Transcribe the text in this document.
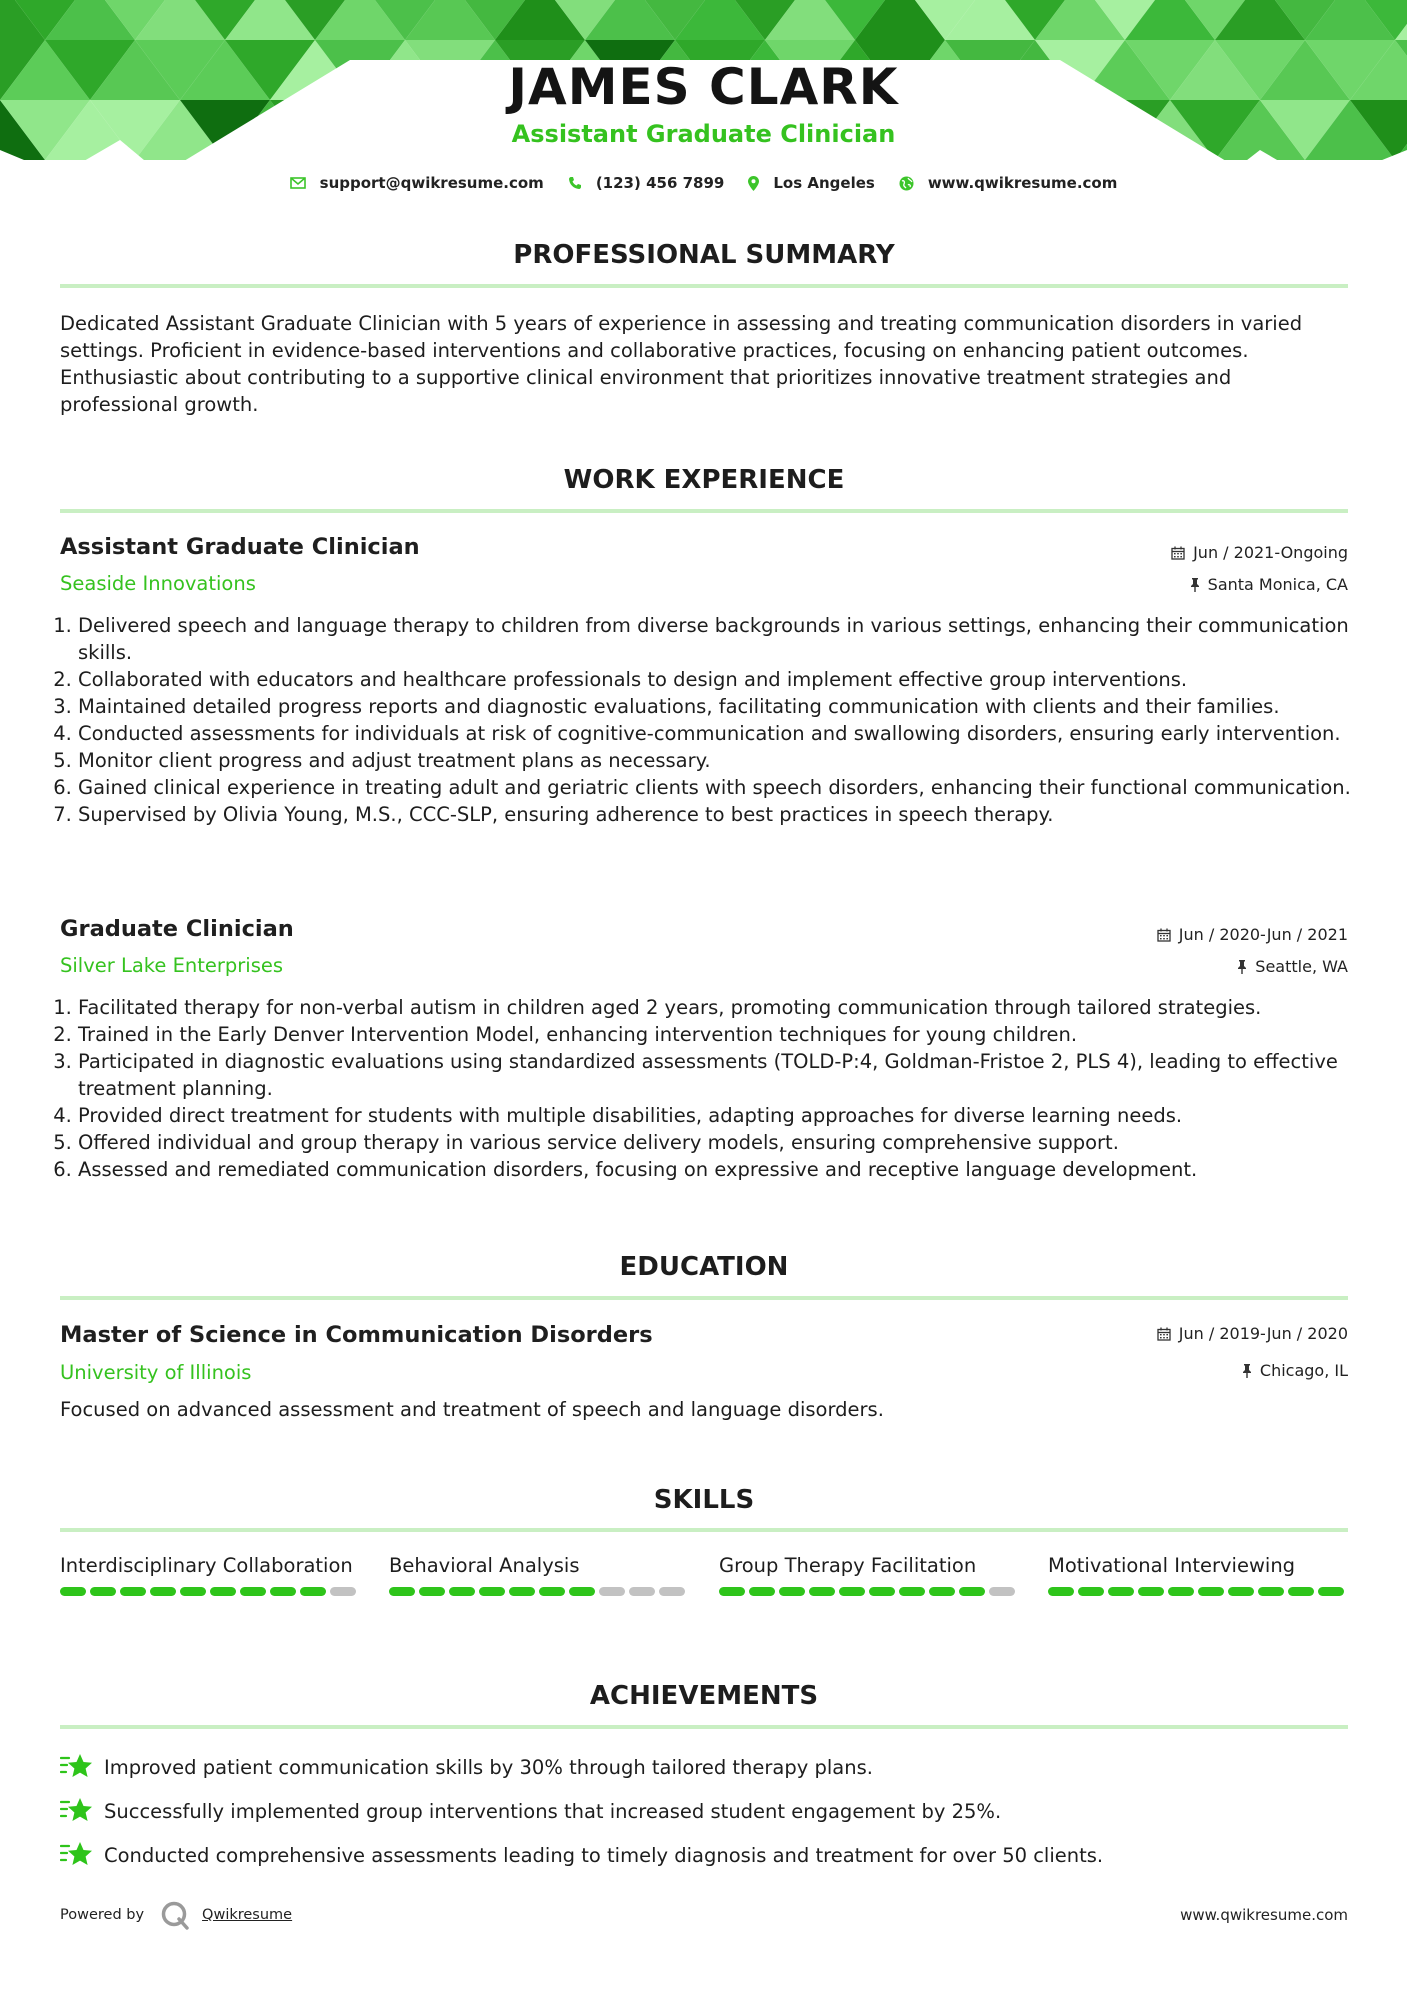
JAMES CLARK
Assistant Graduate Clinician
support@qwikresume.com	(123) 456 7899	Los Angeles	www.qwikresume.com
PROFESSIONAL SUMMARY
Dedicated Assistant Graduate Clinician with 5 years of experience in assessing and treating communication disorders in varied settings. Proficient in evidence-based interventions and collaborative practices, focusing on enhancing patient outcomes. Enthusiastic about contributing to a supportive clinical environment that prioritizes innovative treatment strategies and professional growth.
WORK EXPERIENCE
Assistant Graduate Clinician
Seaside Innovations
Jun / 2021-Ongoing
Santa Monica, CA
1. Delivered speech and language therapy to children from diverse backgrounds in various settings, enhancing their communication skills.
2. Collaborated with educators and healthcare professionals to design and implement effective group interventions.
3. Maintained detailed progress reports and diagnostic evaluations, facilitating communication with clients and their families.
4. Conducted assessments for individuals at risk of cognitive-communication and swallowing disorders, ensuring early intervention.
5. Monitor client progress and adjust treatment plans as necessary.
6. Gained clinical experience in treating adult and geriatric clients with speech disorders, enhancing their functional communication.
7. Supervised by Olivia Young, M.S., CCC-SLP, ensuring adherence to best practices in speech therapy.
Graduate Clinician
Silver Lake Enterprises
Jun / 2020-Jun / 2021
Seattle, WA
1. Facilitated therapy for non-verbal autism in children aged 2 years, promoting communication through tailored strategies.
2. Trained in the Early Denver Intervention Model, enhancing intervention techniques for young children.
3. Participated in diagnostic evaluations using standardized assessments (TOLD-P:4, Goldman-Fristoe 2, PLS 4), leading to effective treatment planning.
4. Provided direct treatment for students with multiple disabilities, adapting approaches for diverse learning needs.
5. Offered individual and group therapy in various service delivery models, ensuring comprehensive support.
6. Assessed and remediated communication disorders, focusing on expressive and receptive language development.
EDUCATION
Master of Science in Communication Disorders
University of Illinois
Jun / 2019-Jun / 2020
Chicago, IL
Focused on advanced assessment and treatment of speech and language disorders.
SKILLS
Interdisciplinary Collaboration	Behavioral Analysis	Group Therapy Facilitation	Motivational Interviewing
ACHIEVEMENTS
Improved patient communication skills by 30% through tailored therapy plans.
Successfully implemented group interventions that increased student engagement by 25%.
Conducted comprehensive assessments leading to timely diagnosis and treatment for over 50 clients.
Powered by	Qwikresume	www.qwikresume.com
